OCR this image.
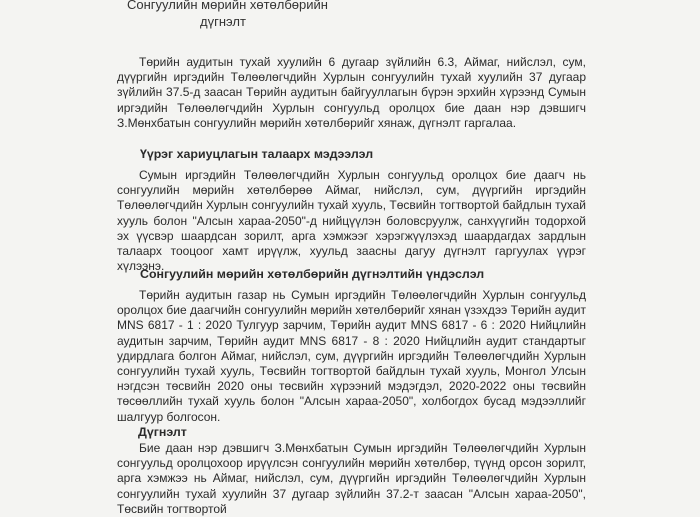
Сонгуулийн мөрийн хөтөлбөрийн
дүгнэлт

Төрийн аудитын тухай хуулийн 6 дугаар зүйлийн 6.3, Аймаг, нийслэл, сум, дүүргийн иргэдийн Төлөөлөгчдийн Хурлын сонгуулийн тухай хуулийн 37 дугаар зүйлийн 37.5-д заасан Төрийн аудитын байгууллагын бүрэн эрхийн хүрээнд Сумын иргэдийн Төлөөлөгчдийн Хурлын сонгуульд оролцох бие даан нэр дэвшигч З.Мөнхбатын сонгуулийн мөрийн хөтөлбөрийг хянаж, дүгнэлт гаргалаа.

Үүрэг хариуцлагын талаарх мэдээлэл

Сумын иргэдийн Төлөөлөгчдийн Хурлын сонгуульд оролцох бие даагч нь сонгуулийн мөрийн хөтөлбөрөө Аймаг, нийслэл, сум, дүүргийн иргэдийн Төлөөлөгчдийн Хурлын сонгуулийн тухай хууль, Төсвийн тогтвортой байдлын тухай хууль болон "Алсын хараа-2050"-д нийцүүлэн боловсруулж, санхүүгийн тодорхой эх үүсвэр шаардсан зорилт, арга хэмжээг хэрэгжүүлэхэд шаардагдах зардлын талаарх тооцоог хамт ирүүлж, хуульд заасны дагуу дүгнэлт гаргуулах үүрэг хүлээнэ.

Сонгуулийн мөрийн хөтөлбөрийн дүгнэлтийн үндэслэл

Төрийн аудитын газар нь Сумын иргэдийн Төлөөлөгчдийн Хурлын сонгуульд оролцох бие даагчийн сонгуулийн мөрийн хөтөлбөрийг хянан үзэхдээ Төрийн аудит MNS 6817 - 1 : 2020 Тулгуур зарчим, Төрийн аудит MNS 6817 - 6 : 2020 Нийцлийн аудитын зарчим, Төрийн аудит MNS 6817 - 8 : 2020 Нийцлийн аудит стандартыг удирдлага болгон Аймаг, нийслэл, сум, дүүргийн иргэдийн Төлөөлөгчдийн Хурлын сонгуулийн тухай хууль, Төсвийн тогтвортой байдлын тухай хууль, Монгол Улсын нэгдсэн төсвийн 2020 оны төсвийн хүрээний мэдэгдэл, 2020-2022 оны төсвийн төсөөллийн тухай хууль болон "Алсын хараа-2050", холбогдох бусад мэдээллийг шалгуур болгосон.

Дүгнэлт

Бие даан нэр дэвшигч З.Мөнхбатын Сумын иргэдийн Төлөөлөгчдийн Хурлын сонгуульд оролцохоор ирүүлсэн сонгуулийн мөрийн хөтөлбөр, түүнд орсон зорилт, арга хэмжээ нь Аймаг, нийслэл, сум, дүүргийн иргэдийн Төлөөлөгчдийн Хурлын сонгуулийн тухай хуулийн 37 дугаар зүйлийн 37.2-т заасан "Алсын хараа-2050", Төсвийн тогтвортой
